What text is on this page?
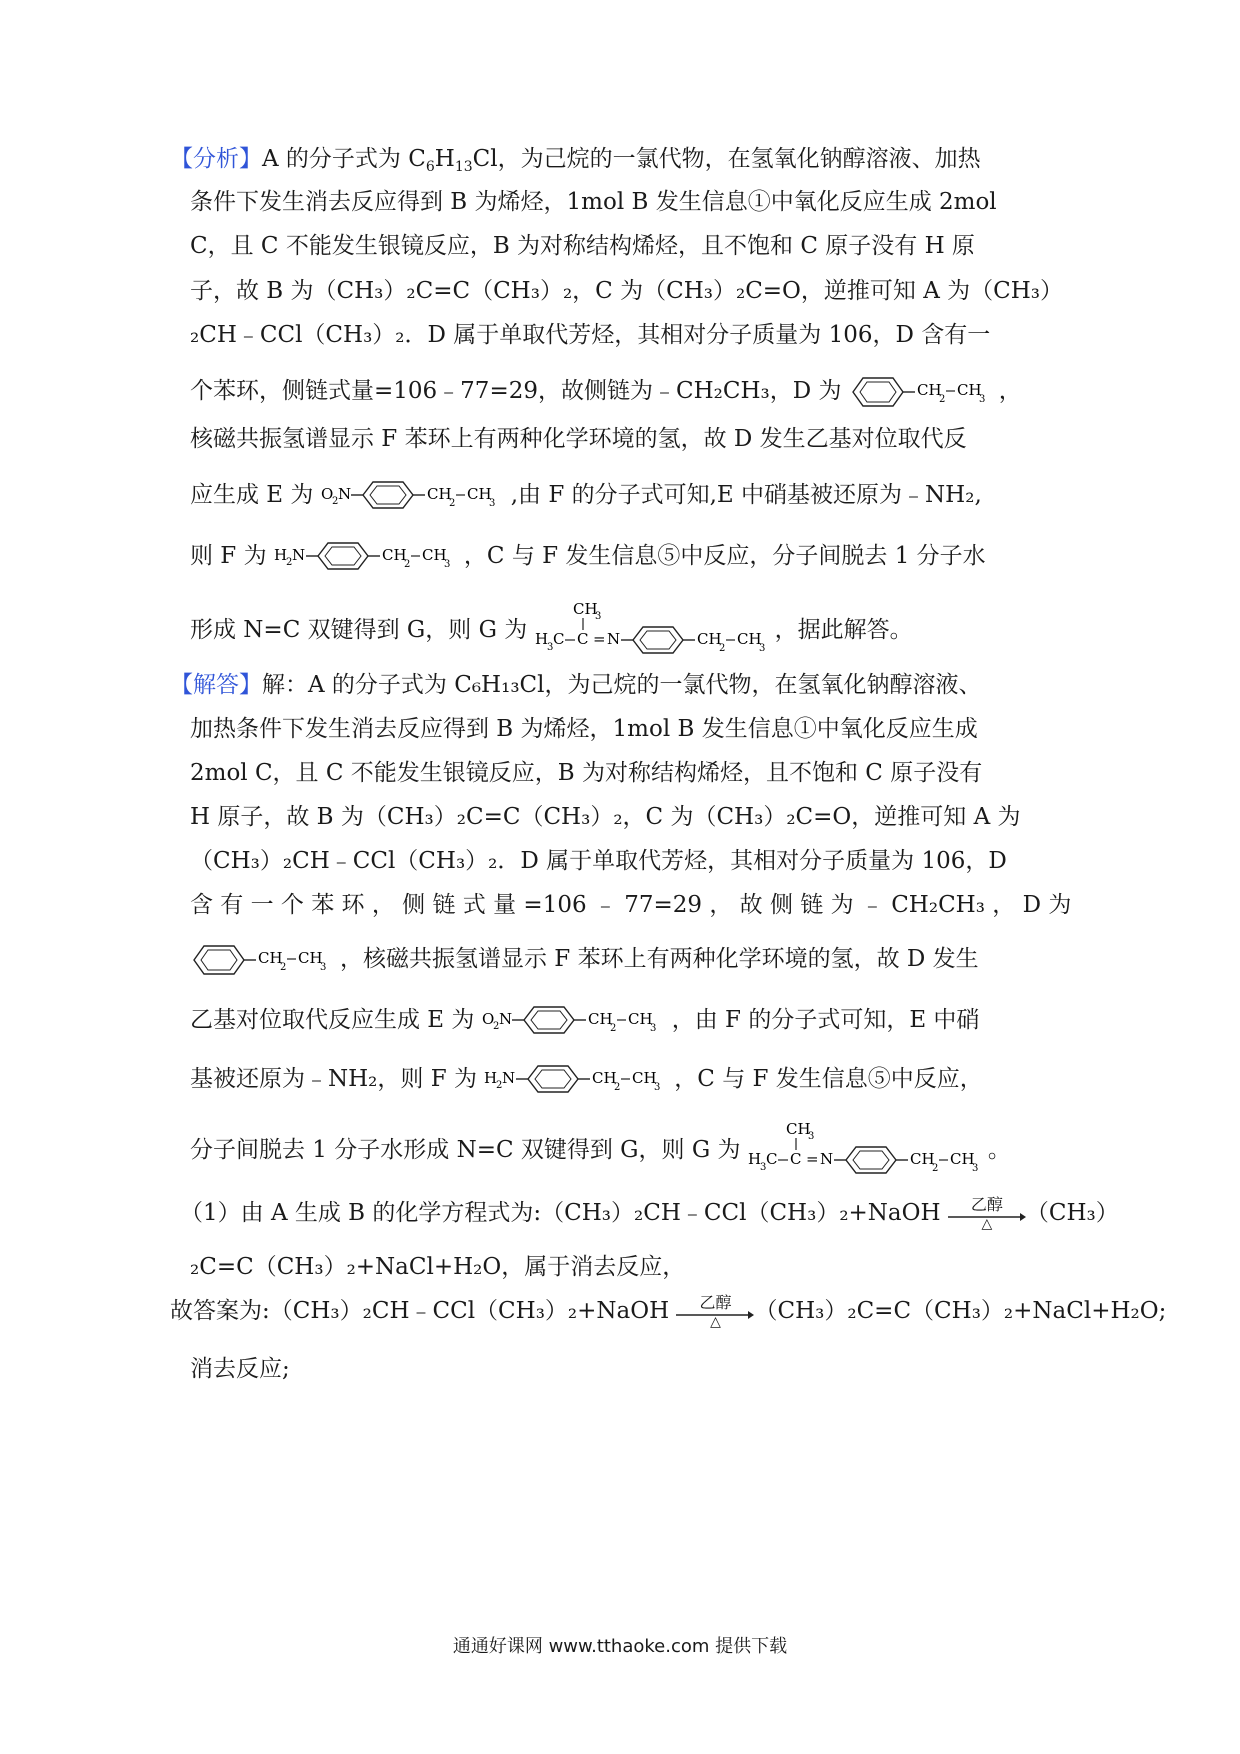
【分析】A 的分子式为 $C_6H_{13}Cl$，为己烷的一氯代物，在氢氧化钠醇溶液、加热
条件下发生消去反应得到 B 为烯烃，1mol B 发生信息①中氧化反应生成 2mol
C，且 C 不能发生银镜反应，B 为对称结构烯烃，且不饱和 C 原子没有 H 原
子，故 B 为（CH₃）₂C=C（CH₃）₂，C 为（CH₃）₂C=O，逆推可知 A 为（CH₃）
₂CH﹣CCl（CH₃）₂．D 属于单取代芳烃，其相对分子质量为 106，D 含有一
个苯环，侧链式量=106﹣77=29，故侧链为﹣CH₂CH₃，D 为	CH
2
CH
3 ，
核磁共振氢谱显示 F 苯环上有两种化学环境的氢，故 D 发生乙基对位取代反
应生成 E 为 O
2 N	CH
2
CH
3 ,由 F 的分子式可知,E 中硝基被还原为﹣NH₂,
则 F 为 H
2 N	CH
2
CH
3 ，C 与 F 发生信息⑤中反应，分子间脱去 1 分子水
形成 N=C 双键得到 G，则 G 为
CH
3
H
3 C C = N	CH
2
CH
3
，据此解答。
【解答】解：A 的分子式为 C₆H₁₃Cl，为己烷的一氯代物，在氢氧化钠醇溶液、
加热条件下发生消去反应得到 B 为烯烃，1mol B 发生信息①中氧化反应生成
2mol C，且 C 不能发生银镜反应，B 为对称结构烯烃，且不饱和 C 原子没有
H 原子，故 B 为（CH₃）₂C=C（CH₃）₂，C 为（CH₃）₂C=O，逆推可知 A 为
（CH₃）₂CH﹣CCl（CH₃）₂．D 属于单取代芳烃，其相对分子质量为 106，D
含 有 一 个 苯 环 ， 侧 链 式 量 =106 ﹣ 77=29 ， 故 侧 链 为 ﹣ CH₂CH₃ ， D 为
CH
2
CH
3 ，核磁共振氢谱显示 F 苯环上有两种化学环境的氢，故 D 发生
乙基对位取代反应生成 E 为 O
2 N	CH
2
CH
3 ，由 F 的分子式可知，E 中硝
基被还原为﹣NH₂，则 F 为 H
2 N	CH
2
CH
3 ，C 与 F 发生信息⑤中反应，
分子间脱去 1 分子水形成 N=C 双键得到 G，则 G 为
CH
3
H
3 C C = N	CH
2
CH
3
。
（1）由 A 生成 B 的化学方程式为:（CH₃）₂CH﹣CCl（CH₃）₂+NaOH	乙醇
△	（CH₃）
₂C=C（CH₃）₂+NaCl+H₂O，属于消去反应，
故答案为:（CH₃）₂CH﹣CCl（CH₃）₂+NaOH	乙醇
△	（CH₃）₂C=C（CH₃）₂+NaCl+H₂O;
消去反应;
通通好课网 www.tthaoke.com 提供下载
